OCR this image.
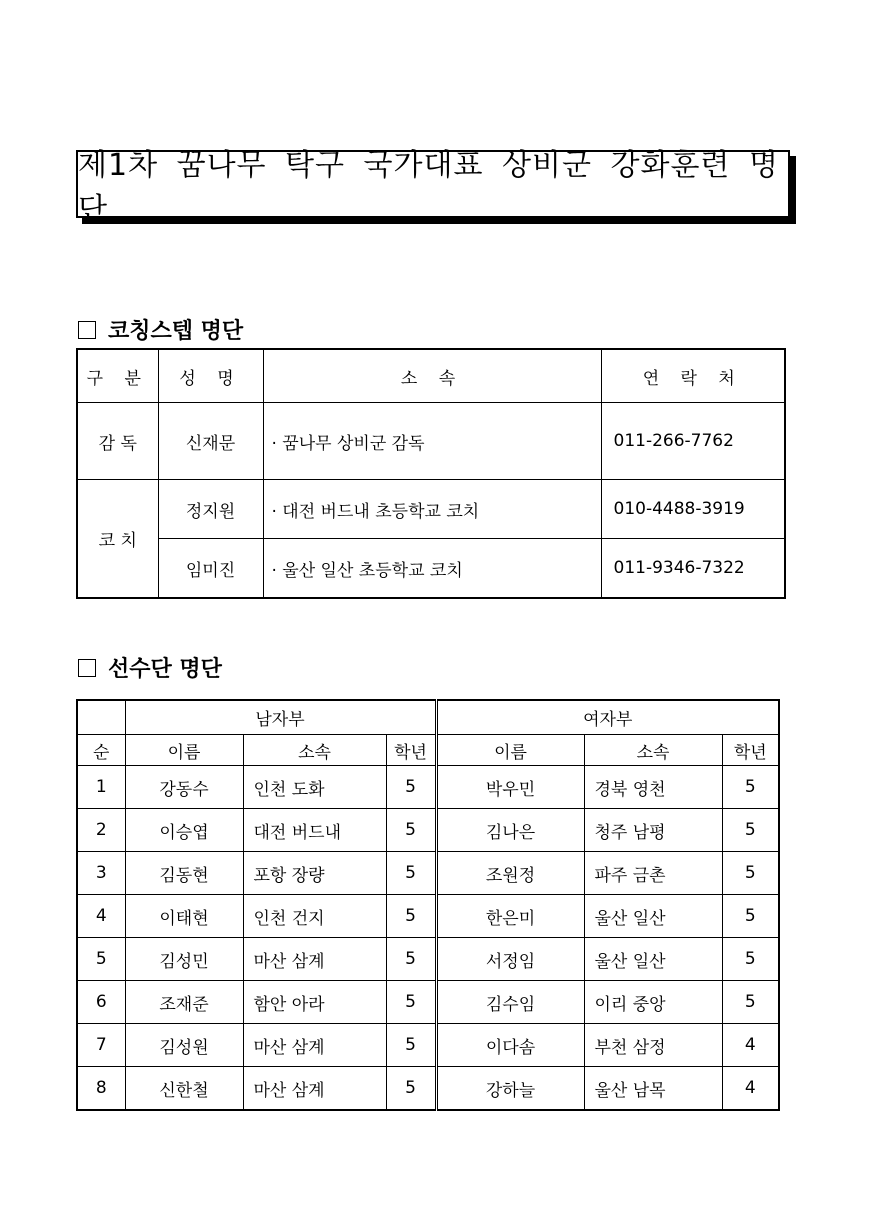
제1차 꿈나무 탁구 국가대표 상비군 강화훈련 명단
코칭스텝 명단
구 분	성 명	소 속	연 락 처
감 독	신재문	· 꿈나무 상비군 감독	011-266-7762
코 치	정지원	· 대전 버드내 초등학교 코치	010-4488-3919
	임미진	· 울산 일산 초등학교 코치	011-9346-7322
선수단 명단
	남자부			여자부		
순	이름	소속	학년	이름	소속	학년
1	강동수	인천 도화	5	박우민	경북 영천	5
2	이승엽	대전 버드내	5	김나은	청주 남평	5
3	김동현	포항 장량	5	조원정	파주 금촌	5
4	이태현	인천 건지	5	한은미	울산 일산	5
5	김성민	마산 삼계	5	서정임	울산 일산	5
6	조재준	함안 아라	5	김수임	이리 중앙	5
7	김성원	마산 삼계	5	이다솜	부천 삼정	4
8	신한철	마산 삼계	5	강하늘	울산 남목	4
